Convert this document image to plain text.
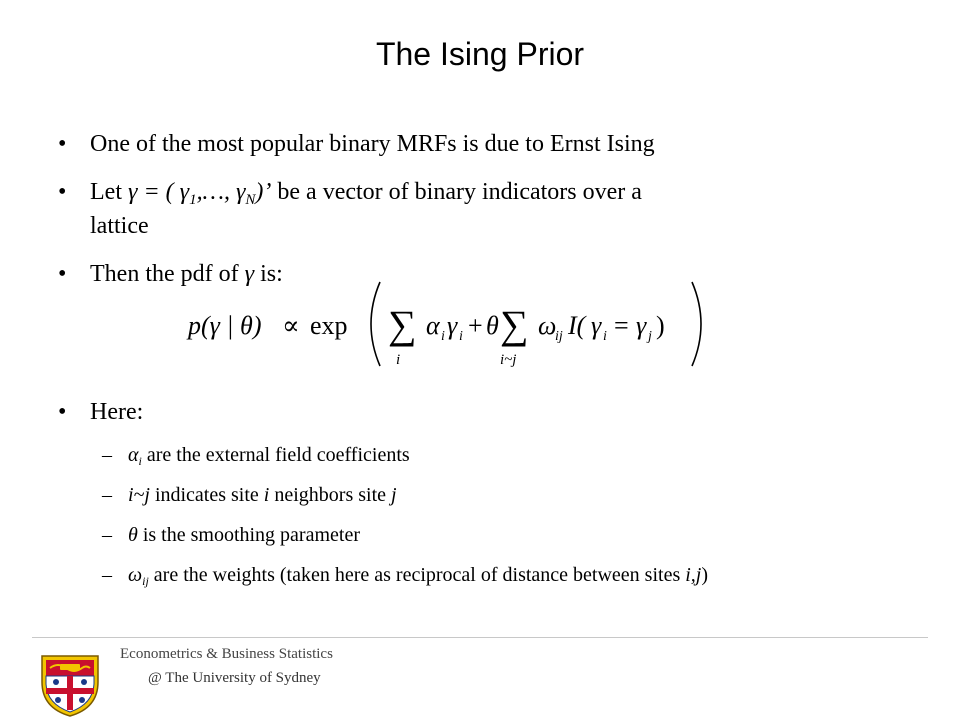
The Ising Prior
• One of the most popular binary MRFs is due to Ernst Ising
• Let γ = ( $\gamma_1,\dots$, $\gamma_N$)’ be a vector of binary indicators over a
lattice
• Then the pdf of γ is:
p(γ | θ) ∝ exp ∑
i
α i γ i + θ ∑
i~j
ω
ij I( γ i = γ j )
• Here:
– $\alpha_i$ are the external field coefficients
– i~j indicates site i neighbors site j
– θ is the smoothing parameter
– $\omega_{ij}$ are the weights (taken here as reciprocal of distance between sites i,j)
Econometrics & Business Statistics
@ The University of Sydney
